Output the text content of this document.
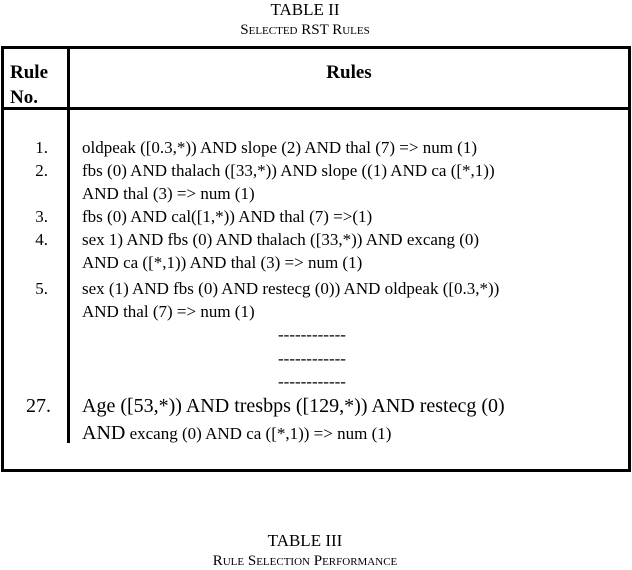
TABLE II
Selected RST Rules
Rule
No.
Rules
1. oldpeak ([0.3,*)) AND slope (2) AND thal (7) => num (1)
2. fbs (0) AND thalach ([33,*)) AND slope ((1) AND ca ([*,1))
AND thal (3) => num (1)
3. fbs (0) AND cal([1,*)) AND thal (7) =>(1)
4. sex 1) AND fbs (0) AND thalach ([33,*)) AND excang (0)
AND ca ([*,1)) AND thal (3) => num (1)
5. sex (1) AND fbs (0) AND restecg (0)) AND oldpeak ([0.3,*))
AND thal (7) => num (1)
------------
------------
------------
27. Age ([53,*)) AND tresbps ([129,*)) AND restecg (0)
AND excang (0) AND ca ([*,1)) => num (1)
TABLE III
Rule Selection Performance
